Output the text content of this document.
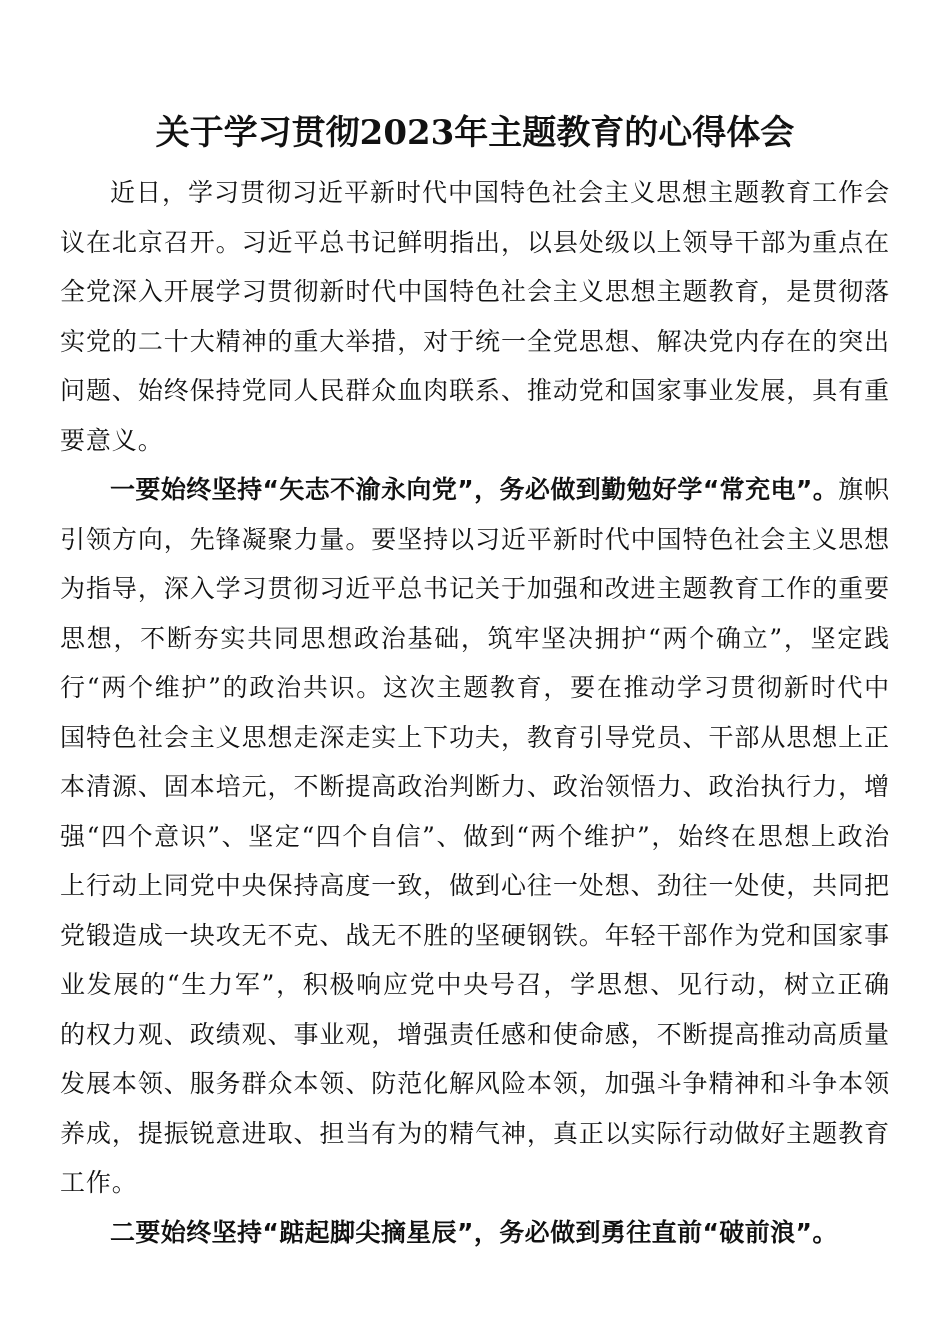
关于学习贯彻2023年主题教育的心得体会

近日，学习贯彻习近平新时代中国特色社会主义思想主题教育工作会议在北京召开。习近平总书记鲜明指出，以县处级以上领导干部为重点在全党深入开展学习贯彻新时代中国特色社会主义思想主题教育，是贯彻落实党的二十大精神的重大举措，对于统一全党思想、解决党内存在的突出问题、始终保持党同人民群众血肉联系、推动党和国家事业发展，具有重要意义。

一要始终坚持“矢志不渝永向党”，务必做到勤勉好学“常充电”。旗帜引领方向，先锋凝聚力量。要坚持以习近平新时代中国特色社会主义思想为指导，深入学习贯彻习近平总书记关于加强和改进主题教育工作的重要思想，不断夯实共同思想政治基础，筑牢坚决拥护“两个确立”，坚定践行“两个维护”的政治共识。这次主题教育，要在推动学习贯彻新时代中国特色社会主义思想走深走实上下功夫，教育引导党员、干部从思想上正本清源、固本培元，不断提高政治判断力、政治领悟力、政治执行力，增强“四个意识”、坚定“四个自信”、做到“两个维护”，始终在思想上政治上行动上同党中央保持高度一致，做到心往一处想、劲往一处使，共同把党锻造成一块攻无不克、战无不胜的坚硬钢铁。年轻干部作为党和国家事业发展的“生力军”，积极响应党中央号召，学思想、见行动，树立正确的权力观、政绩观、事业观，增强责任感和使命感，不断提高推动高质量发展本领、服务群众本领、防范化解风险本领，加强斗争精神和斗争本领养成，提振锐意进取、担当有为的精气神，真正以实际行动做好主题教育工作。

二要始终坚持“踮起脚尖摘星辰”，务必做到勇往直前“破前浪”。
